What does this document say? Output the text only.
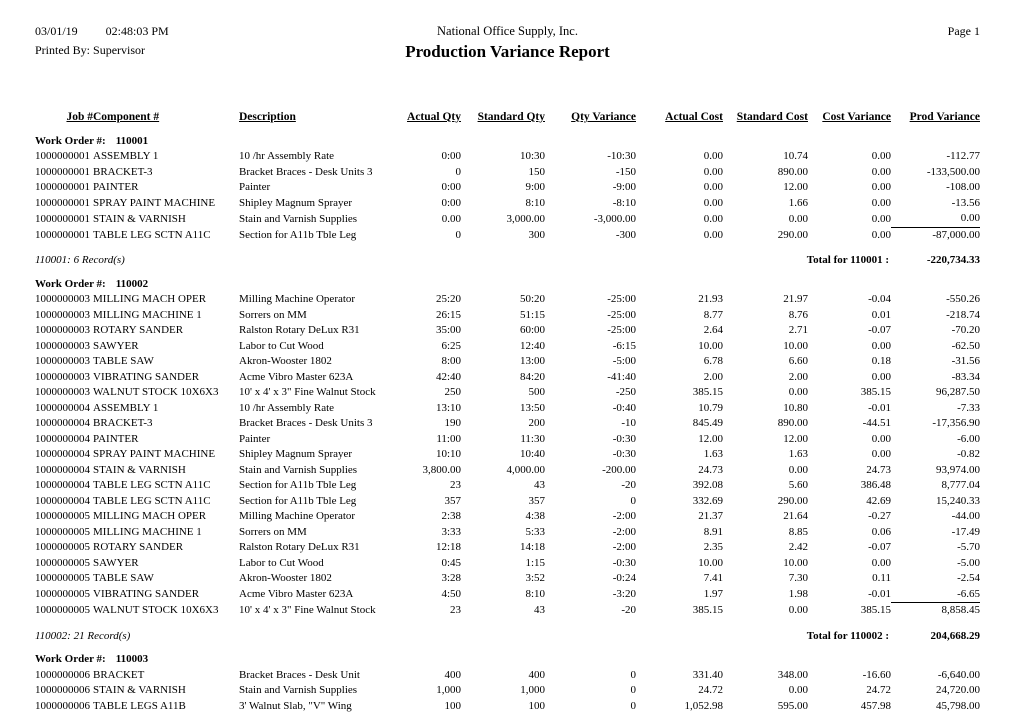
03/01/19 02:48:03 PM
Printed By: Supervisor
National Office Supply, Inc.
Production Variance Report
Page 1
Job #	Component #	Description	Actual Qty	Standard Qty	Qty Variance	Actual Cost	Standard Cost	Cost Variance	Prod Variance
Work Order #: 110001									
1000000001	ASSEMBLY 1	10 /hr Assembly Rate	0:00	10:30	-10:30	0.00	10.74	0.00	-112.77
1000000001	BRACKET-3	Bracket Braces - Desk Units 3	0	150	-150	0.00	890.00	0.00	-133,500.00
1000000001	PAINTER	Painter	0:00	9:00	-9:00	0.00	12.00	0.00	-108.00
1000000001	SPRAY PAINT MACHINE	Shipley Magnum Sprayer	0:00	8:10	-8:10	0.00	1.66	0.00	-13.56
1000000001	STAIN & VARNISH	Stain and Varnish Supplies	0.00	3,000.00	-3,000.00	0.00	0.00	0.00	0.00
1000000001	TABLE LEG SCTN A11C	Section for A11b Tble Leg	0	300	-300	0.00	290.00	0.00	-87,000.00
110001: 6 Record(s)			Total for 110001 :						-220,734.33
Work Order #: 110002									
1000000003	MILLING MACH OPER	Milling Machine Operator	25:20	50:20	-25:00	21.93	21.97	-0.04	-550.26
1000000003	MILLING MACHINE 1	Sorrers on MM	26:15	51:15	-25:00	8.77	8.76	0.01	-218.74
1000000003	ROTARY SANDER	Ralston Rotary DeLux R31	35:00	60:00	-25:00	2.64	2.71	-0.07	-70.20
1000000003	SAWYER	Labor to Cut Wood	6:25	12:40	-6:15	10.00	10.00	0.00	-62.50
1000000003	TABLE SAW	Akron-Wooster 1802	8:00	13:00	-5:00	6.78	6.60	0.18	-31.56
1000000003	VIBRATING SANDER	Acme Vibro Master 623A	42:40	84:20	-41:40	2.00	2.00	0.00	-83.34
1000000003	WALNUT STOCK 10X6X3	10' x 4' x 3" Fine Walnut Stock	250	500	-250	385.15	0.00	385.15	96,287.50
1000000004	ASSEMBLY 1	10 /hr Assembly Rate	13:10	13:50	-0:40	10.79	10.80	-0.01	-7.33
1000000004	BRACKET-3	Bracket Braces - Desk Units 3	190	200	-10	845.49	890.00	-44.51	-17,356.90
1000000004	PAINTER	Painter	11:00	11:30	-0:30	12.00	12.00	0.00	-6.00
1000000004	SPRAY PAINT MACHINE	Shipley Magnum Sprayer	10:10	10:40	-0:30	1.63	1.63	0.00	-0.82
1000000004	STAIN & VARNISH	Stain and Varnish Supplies	3,800.00	4,000.00	-200.00	24.73	0.00	24.73	93,974.00
1000000004	TABLE LEG SCTN A11C	Section for A11b Tble Leg	23	43	-20	392.08	5.60	386.48	8,777.04
1000000004	TABLE LEG SCTN A11C	Section for A11b Tble Leg	357	357	0	332.69	290.00	42.69	15,240.33
1000000005	MILLING MACH OPER	Milling Machine Operator	2:38	4:38	-2:00	21.37	21.64	-0.27	-44.00
1000000005	MILLING MACHINE 1	Sorrers on MM	3:33	5:33	-2:00	8.91	8.85	0.06	-17.49
1000000005	ROTARY SANDER	Ralston Rotary DeLux R31	12:18	14:18	-2:00	2.35	2.42	-0.07	-5.70
1000000005	SAWYER	Labor to Cut Wood	0:45	1:15	-0:30	10.00	10.00	0.00	-5.00
1000000005	TABLE SAW	Akron-Wooster 1802	3:28	3:52	-0:24	7.41	7.30	0.11	-2.54
1000000005	VIBRATING SANDER	Acme Vibro Master 623A	4:50	8:10	-3:20	1.97	1.98	-0.01	-6.65
1000000005	WALNUT STOCK 10X6X3	10' x 4' x 3" Fine Walnut Stock	23	43	-20	385.15	0.00	385.15	8,858.45
110002: 21 Record(s)			Total for 110002 :						204,668.29
Work Order #: 110003									
1000000006	BRACKET	Bracket Braces - Desk Unit	400	400	0	331.40	348.00	-16.60	-6,640.00
1000000006	STAIN & VARNISH	Stain and Varnish Supplies	1,000	1,000	0	24.72	0.00	24.72	24,720.00
1000000006	TABLE LEGS A11B	3' Walnut Slab, "V" Wing	100	100	0	1,052.98	595.00	457.98	45,798.00
